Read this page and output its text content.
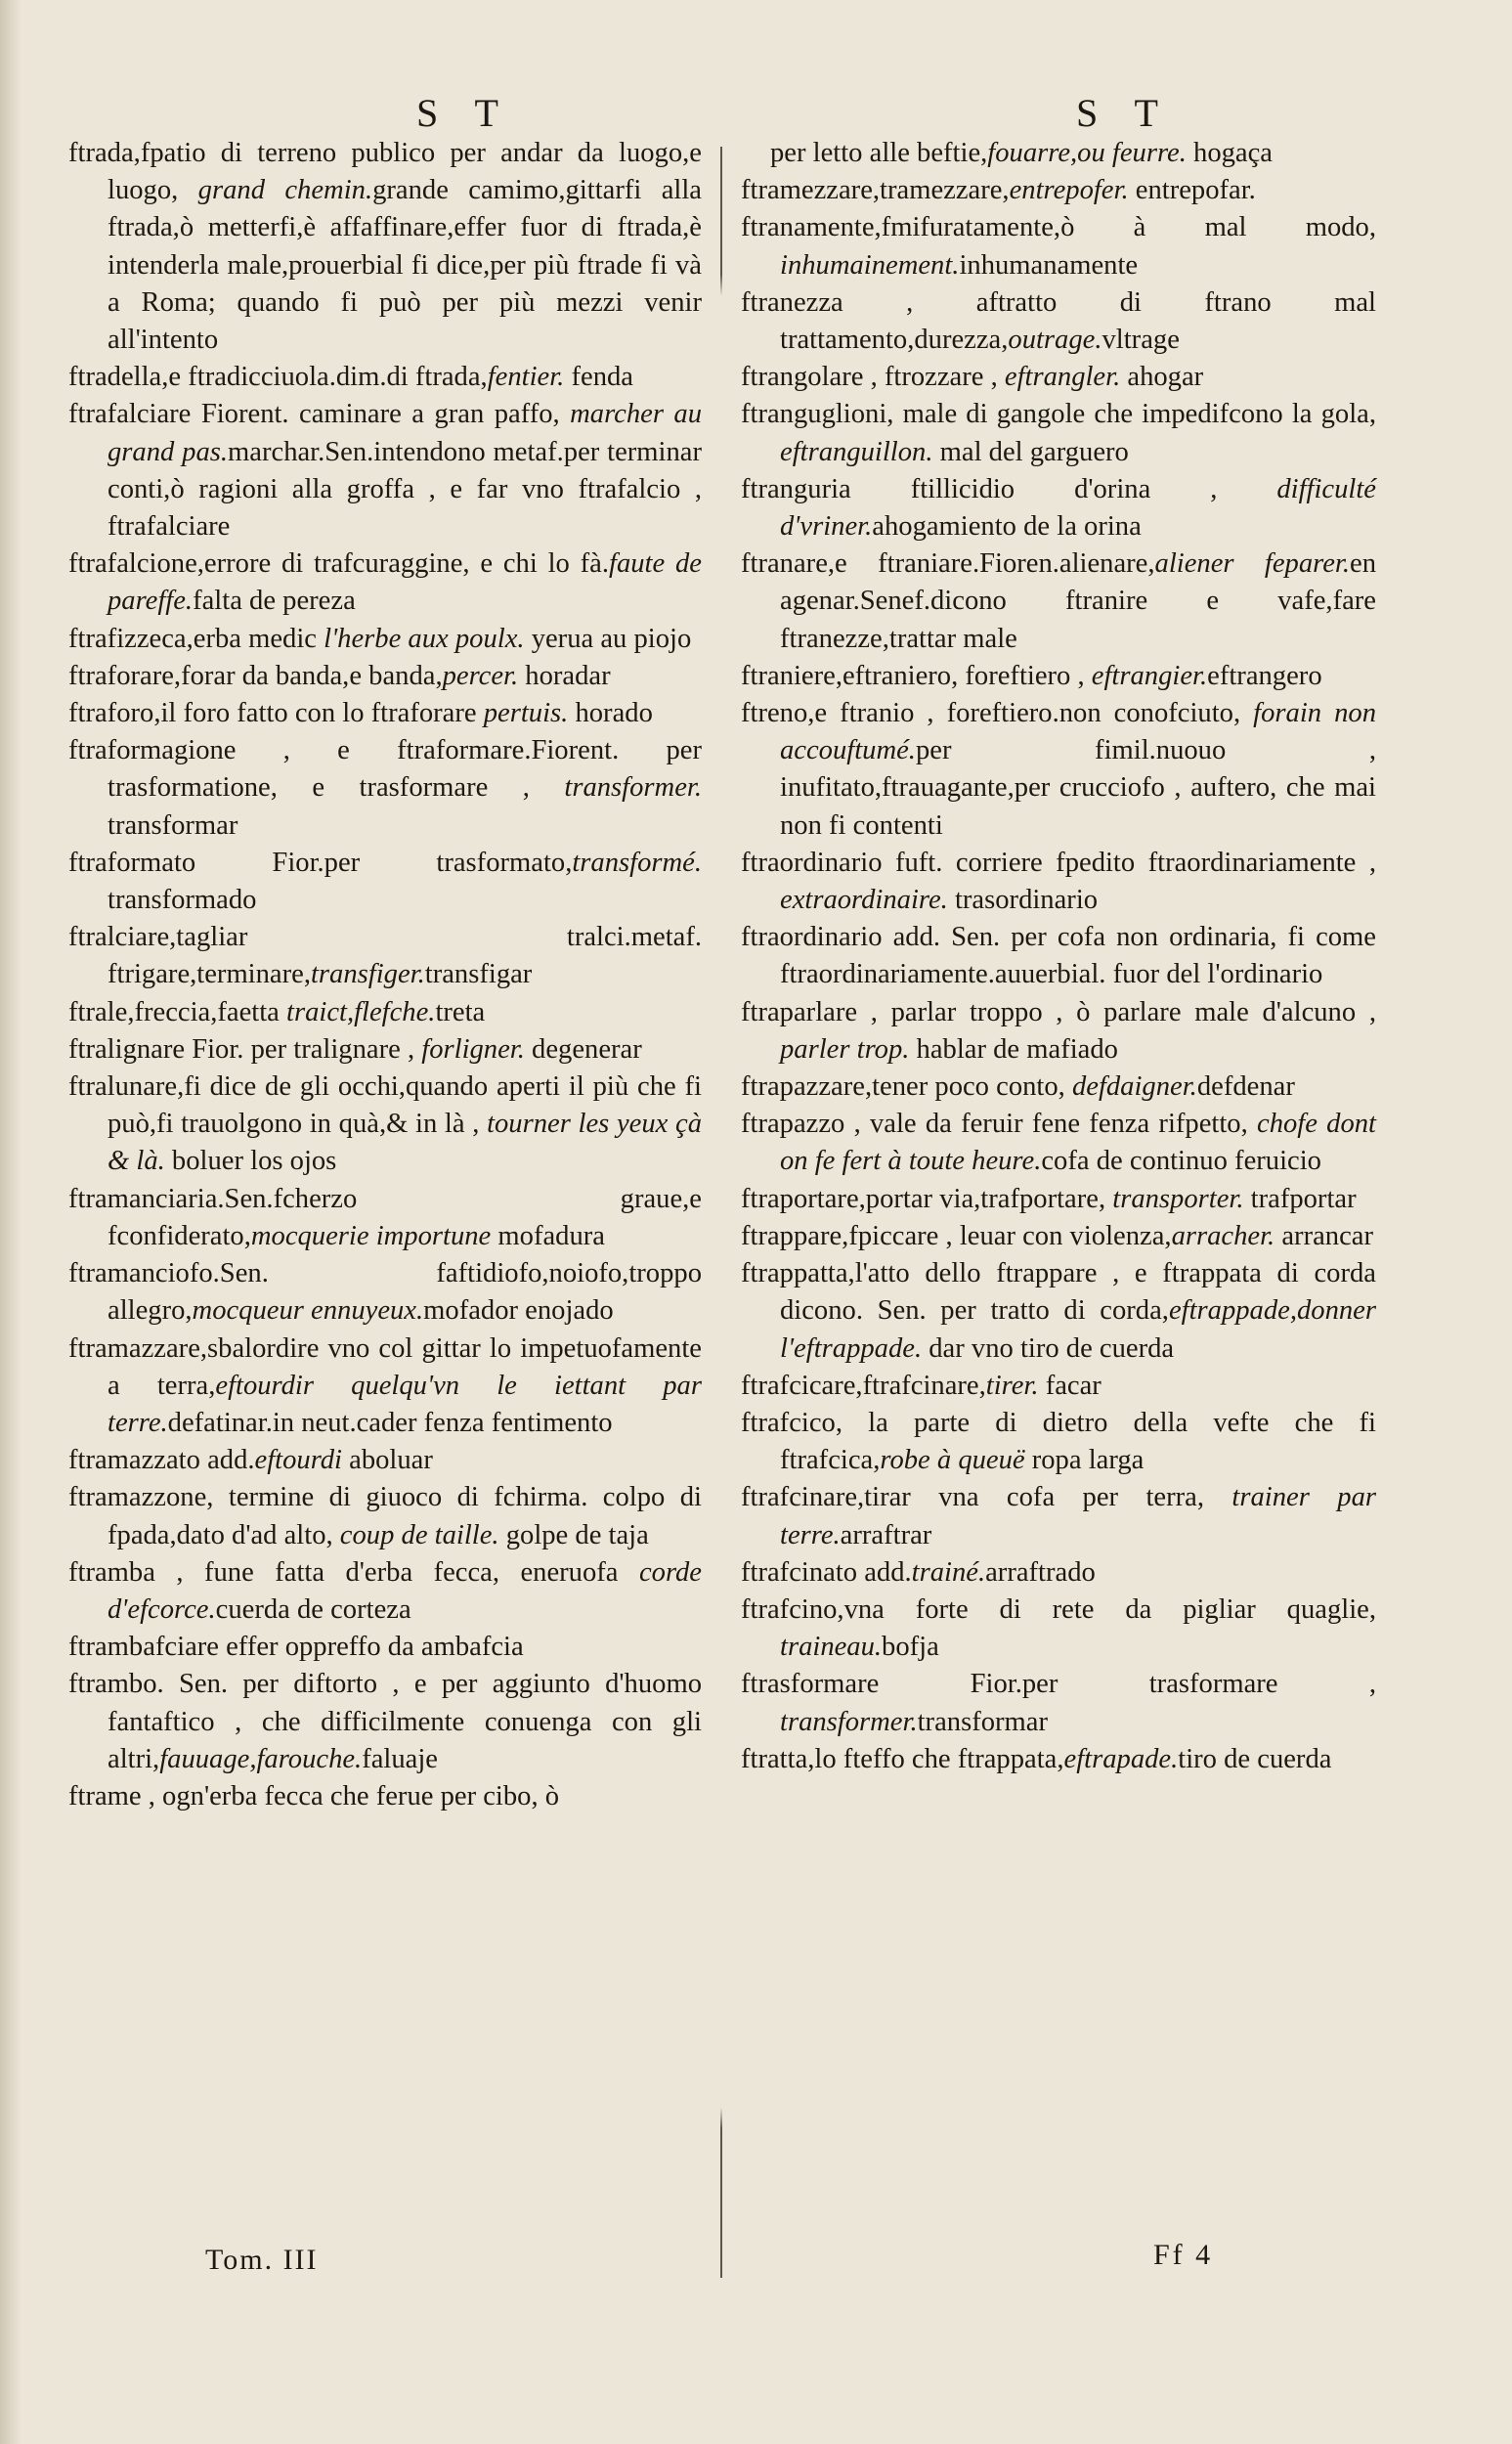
S T	S T

ftrada,fpatio di terreno publico per andar da luogo,e luogo, grand chemin.grande camimo,gittarfi alla ftrada,ò metterfi,è affaffinare,effer fuor di ftrada,è intenderla male,prouerbial fi dice,per più ftrade fi và a Roma; quando fi può per più mezzi venir all'intento

ftradella,e ftradicciuola.dim.di ftrada,fentier. fenda

ftrafalciare Fiorent. caminare a gran paffo, marcher au grand pas.marchar.Sen.intendono metaf.per terminar conti,ò ragioni alla groffa , e far vno ftrafalcio , ftrafalciare

ftrafalcione,errore di trafcuraggine, e chi lo fà.faute de pareffe.falta de pereza

ftrafizzeca,erba medic l'herbe aux poulx. yerua au piojo

ftraforare,forar da banda,e banda,percer. horadar

ftraforo,il foro fatto con lo ftraforare pertuis. horado

ftraformagione , e ftraformare.Fiorent. per trasformatione, e trasformare , transformer. transformar

ftraformato Fior.per trasformato,transformé. transformado

ftralciare,tagliar tralci.metaf. ftrigare,terminare,transfiger.transfigar

ftrale,freccia,faetta traict,flefche.treta

ftralignare Fior. per tralignare , forligner. degenerar

ftralunare,fi dice de gli occhi,quando aperti il più che fi può,fi trauolgono in quà,& in là , tourner les yeux çà & là. boluer los ojos

ftramanciaria.Sen.fcherzo graue,e fconfiderato,mocquerie importune mofadura

ftramanciofo.Sen. faftidiofo,noiofo,troppo allegro,mocqueur ennuyeux.mofador enojado

ftramazzare,sbalordire vno col gittar lo impetuofamente a terra,eftourdir quelqu'vn le iettant par terre.defatinar.in neut.cader fenza fentimento

ftramazzato add.eftourdi aboluar

ftramazzone, termine di giuoco di fchirma. colpo di fpada,dato d'ad alto, coup de taille. golpe de taja

ftramba , fune fatta d'erba fecca, eneruofa corde d'efcorce.cuerda de corteza

ftrambafciare effer oppreffo da ambafcia

ftrambo. Sen. per diftorto , e per aggiunto d'huomo fantaftico , che difficilmente conuenga con gli altri,fauuage,farouche.faluaje

ftrame , ogn'erba fecca che ferue per cibo, ò

per letto alle beftie,fouarre,ou feurre. hogaça

ftramezzare,tramezzare,entrepofer. entrepofar.

ftranamente,fmifuratamente,ò à mal modo, inhumainement.inhumanamente

ftranezza , aftratto di ftrano mal trattamento,durezza,outrage.vltrage

ftrangolare , ftrozzare , eftrangler. ahogar

ftranguglioni, male di gangole che impedifcono la gola, eftranguillon. mal del garguero

ftranguria ftillicidio d'orina , difficulté d'vriner.ahogamiento de la orina

ftranare,e ftraniare.Fioren.alienare,aliener feparer.en agenar.Senef.dicono ftranire e vafe,fare ftranezze,trattar male

ftraniere,eftraniero, foreftiero , eftrangier.eftrangero

ftreno,e ftranio , foreftiero.non conofciuto, forain non accouftumé.per fimil.nuouo , inufitato,ftrauagante,per crucciofo , auftero, che mai non fi contenti

ftraordinario fuft. corriere fpedito ftraordinariamente , extraordinaire. trasordinario

ftraordinario add. Sen. per cofa non ordinaria, fi come ftraordinariamente.auuerbial. fuor del l'ordinario

ftraparlare , parlar troppo , ò parlare male d'alcuno , parler trop. hablar de mafiado

ftrapazzare,tener poco conto, defdaigner.defdenar

ftrapazzo , vale da feruir fene fenza rifpetto, chofe dont on fe fert à toute heure.cofa de continuo feruicio

ftraportare,portar via,trafportare, transporter. trafportar

ftrappare,fpiccare , leuar con violenza,arracher. arrancar

ftrappatta,l'atto dello ftrappare , e ftrappata di corda dicono. Sen. per tratto di corda,eftrappade,donner l'eftrappade. dar vno tiro de cuerda

ftrafcicare,ftrafcinare,tirer. facar

ftrafcico, la parte di dietro della vefte che fi ftrafcica,robe à queuë ropa larga

ftrafcinare,tirar vna cofa per terra, trainer par terre.arraftrar

ftrafcinato add.trainé.arraftrado

ftrafcino,vna forte di rete da pigliar quaglie, traineau.bofja

ftrasformare Fior.per trasformare , transformer.transformar

ftratta,lo fteffo che ftrappata,eftrapade.tiro de cuerda

Tom. III	Ff 4
